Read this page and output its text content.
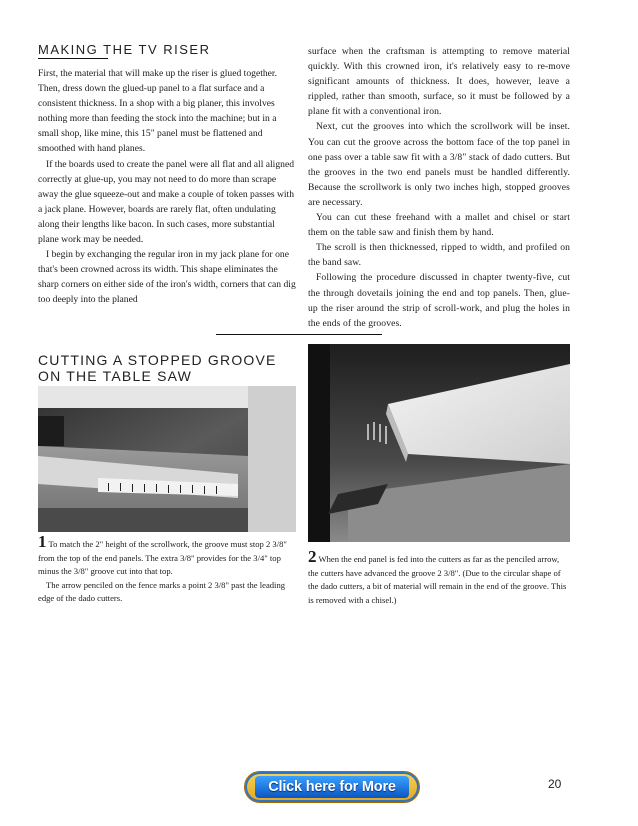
MAKING THE TV RISER

First, the material that will make up the riser is glued together.

Then, dress down the glued-up panel to a flat surface and a consistent thickness. In a shop with a big planer, this involves nothing more than feeding the stock into the machine; but in a small shop, like mine, this 15" panel must be flattened and smoothed with hand planes.

If the boards used to create the panel were all flat and all aligned correctly at glue-up, you may not need to do more than scrape away the glue squeeze-out and make a couple of token passes with a jack plane. However, boards are rarely flat, often undulating along their lengths like bacon. In such cases, more substantial plane work may be needed.

I begin by exchanging the regular iron in my jack plane for one that's been crowned across its width. This shape eliminates the sharp corners on either side of the iron's width, corners that can dig too deeply into the planed

surface when the craftsman is attempting to remove material quickly. With this crowned iron, it's relatively easy to re-move significant amounts of thickness. It does, however, leave a rippled, rather than smooth, surface, so it must be followed by a plane fit with a conventional iron.

Next, cut the grooves into which the scrollwork will be inset. You can cut the groove across the bottom face of the top panel in one pass over a table saw fit with a 3/8" stack of dado cutters. But the grooves in the two end panels must be handled differently. Because the scrollwork is only two inches high, stopped grooves are necessary.

You can cut these freehand with a mallet and chisel or start them on the table saw and finish them by hand.

The scroll is then thicknessed, ripped to width, and profiled on the band saw.

Following the procedure discussed in chapter twenty-five, cut the through dovetails joining the end and top panels. Then, glue-up the riser around the strip of scroll-work, and plug the holes in the ends of the grooves.

CUTTING A STOPPED GROOVE
ON THE TABLE SAW

1 To match the 2" height of the scrollwork, the groove must stop 2 3/8" from the top of the end panels. The extra 3/8" provides for the 3/4" top minus the 3/8" groove cut into that top.

The arrow penciled on the fence marks a point 2 3/8" past the leading edge of the dado cutters.

2 When the end panel is fed into the cutters as far as the penciled arrow, the cutters have advanced the groove 2 3/8". (Due to the circular shape of the dado cutters, a bit of material will remain in the end of the groove. This is removed with a chisel.)

Click here for More	20
